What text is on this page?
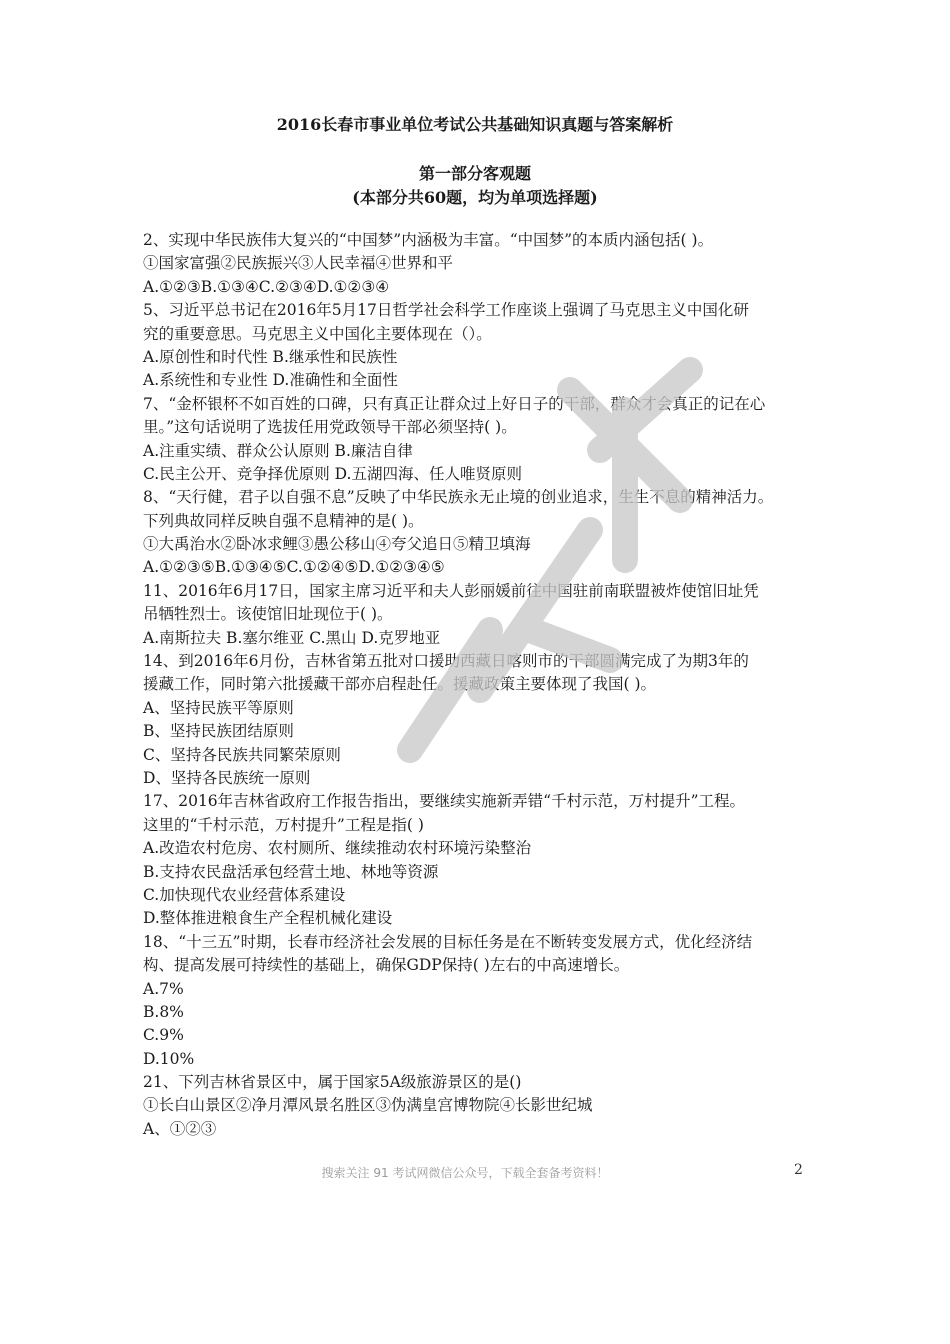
2016长春市事业单位考试公共基础知识真题与答案解析
第一部分客观题
(本部分共60题，均为单项选择题)
2、实现中华民族伟大复兴的“中国梦”内涵极为丰富。“中国梦”的本质内涵包括( )。
①国家富强②民族振兴③人民幸福④世界和平
A.①②③B.①③④C.②③④D.①②③④
5、习近平总书记在2016年5月17日哲学社会科学工作座谈上强调了马克思主义中国化研
究的重要意思。马克思主义中国化主要体现在（）。
A.原创性和时代性 B.继承性和民族性
A.系统性和专业性 D.准确性和全面性
7、“金杯银杯不如百姓的口碑，只有真正让群众过上好日子的干部，群众才会真正的记在心
里。”这句话说明了选拔任用党政领导干部必须坚持( )。
A.注重实绩、群众公认原则 B.廉洁自律
C.民主公开、竞争择优原则 D.五湖四海、任人唯贤原则
8、“天行健，君子以自强不息”反映了中华民族永无止境的创业追求，生生不息的精神活力。
下列典故同样反映自强不息精神的是( )。
①大禹治水②卧冰求鲤③愚公移山④夸父追日⑤精卫填海
A.①②③⑤B.①③④⑤C.①②④⑤D.①②③④⑤
11、2016年6月17日，国家主席习近平和夫人彭丽媛前往中国驻前南联盟被炸使馆旧址凭
吊牺牲烈士。该使馆旧址现位于( )。
A.南斯拉夫 B.塞尔维亚 C.黑山 D.克罗地亚
14、到2016年6月份，吉林省第五批对口援助西藏日喀则市的干部圆满完成了为期3年的
援藏工作，同时第六批援藏干部亦启程赴任。援藏政策主要体现了我国( )。
A、坚持民族平等原则
B、坚持民族团结原则
C、坚持各民族共同繁荣原则
D、坚持各民族统一原则
17、2016年吉林省政府工作报告指出，要继续实施新弄错“千村示范，万村提升”工程。
这里的“千村示范，万村提升”工程是指( )
A.改造农村危房、农村厕所、继续推动农村环境污染整治
B.支持农民盘活承包经营土地、林地等资源
C.加快现代农业经营体系建设
D.整体推进粮食生产全程机械化建设
18、“十三五”时期，长春市经济社会发展的目标任务是在不断转变发展方式，优化经济结
构、提高发展可持续性的基础上，确保GDP保持( )左右的中高速增长。
A.7%
B.8%
C.9%
D.10%
21、下列吉林省景区中，属于国家5A级旅游景区的是()
①长白山景区②净月潭风景名胜区③伪满皇宫博物院④长影世纪城
A、①②③
搜索关注 91 考试网微信公众号，下载全套备考资料！	2
